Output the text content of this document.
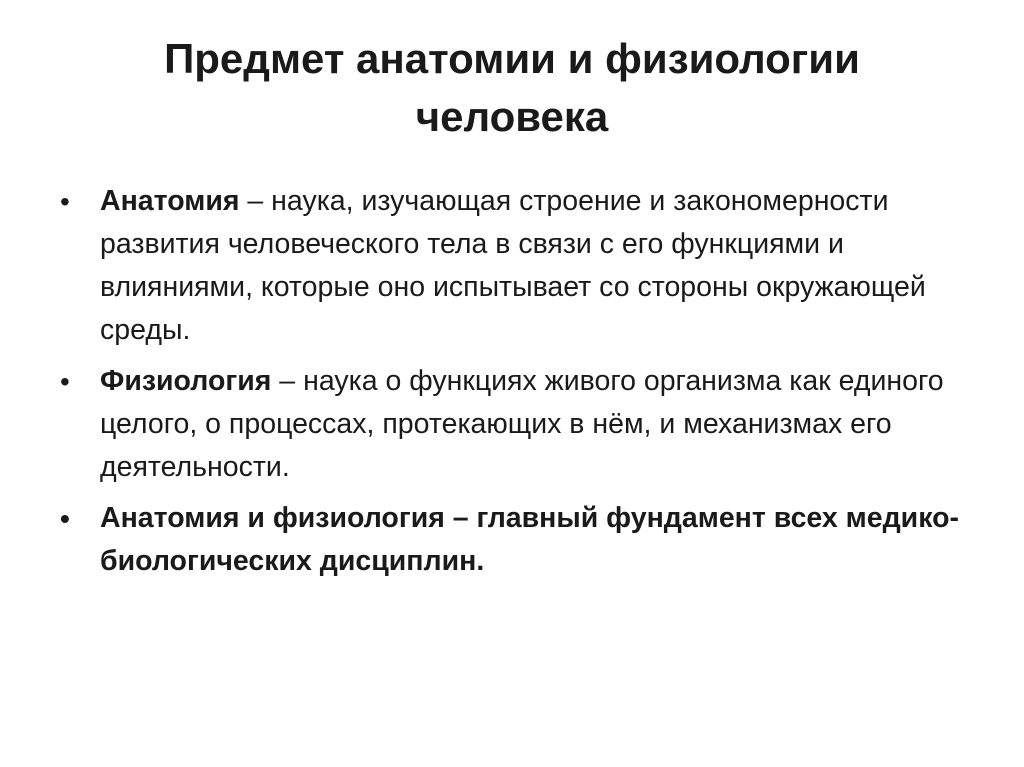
Предмет анатомии и физиологии
человека
• Анатомия – наука, изучающая строение и закономерности развития человеческого тела в связи с его функциями и влияниями, которые оно испытывает со стороны окружающей среды.
• Физиология – наука о функциях живого организма как единого целого, о процессах, протекающих в нём, и механизмах его деятельности.
• Анатомия и физиология – главный фундамент всех медико-биологических дисциплин.
